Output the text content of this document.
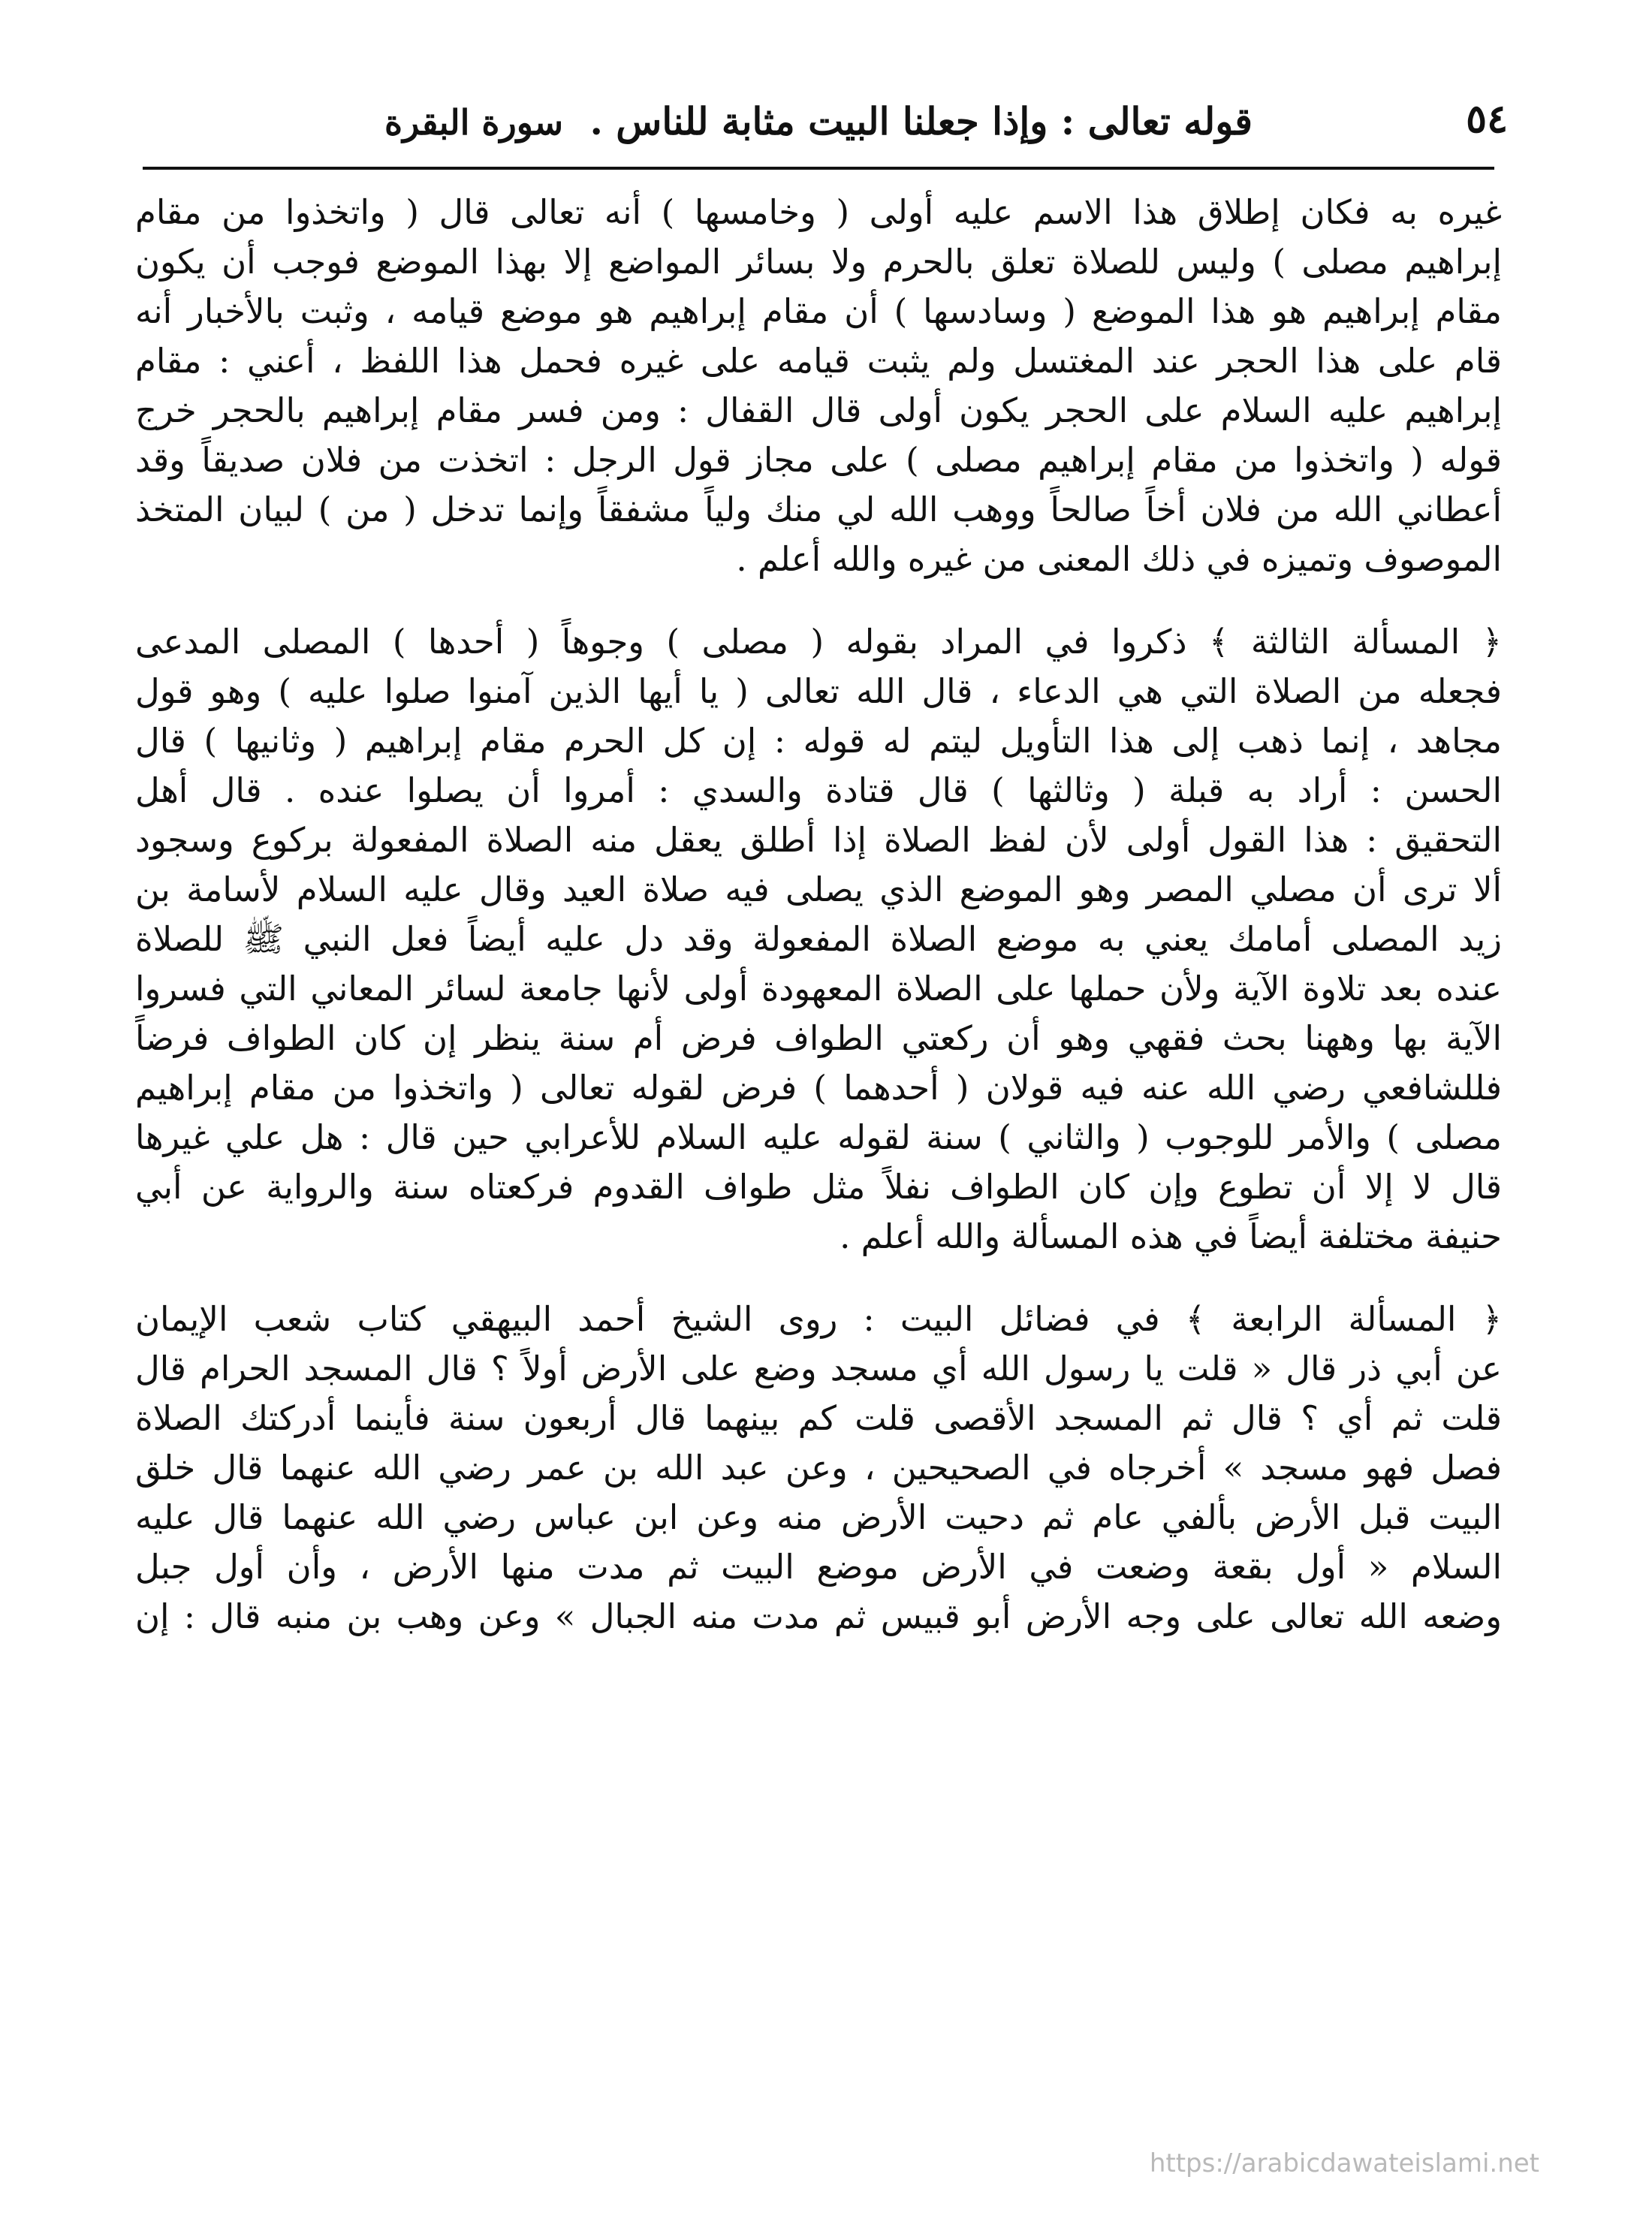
٥٤
قوله تعالى : وإذا جعلنا البيت مثابة للناس . سورة البقرة

غيره به فكان إطلاق هذا الاسم عليه أولى ( وخامسها ) أنه تعالى قال ( واتخذوا من مقام
إبراهيم مصلى ) وليس للصلاة تعلق بالحرم ولا بسائر المواضع إلا بهذا الموضع فوجب أن يكون
مقام إبراهيم هو هذا الموضع ( وسادسها ) أن مقام إبراهيم هو موضع قيامه ، وثبت بالأخبار أنه
قام على هذا الحجر عند المغتسل ولم يثبت قيامه على غيره فحمل هذا اللفظ ، أعني : مقام
إبراهيم عليه السلام على الحجر يكون أولى قال القفال : ومن فسر مقام إبراهيم بالحجر خرج
قوله ( واتخذوا من مقام إبراهيم مصلى ) على مجاز قول الرجل : اتخذت من فلان صديقاً وقد
أعطاني الله من فلان أخاً صالحاً ووهب الله لي منك ولياً مشفقاً وإنما تدخل ( من ) لبيان المتخذ
الموصوف وتميزه في ذلك المعنى من غيره والله أعلم .

﴿ المسألة الثالثة ﴾ ذكروا في المراد بقوله ( مصلى ) وجوهاً ( أحدها ) المصلى المدعى
فجعله من الصلاة التي هي الدعاء ، قال الله تعالى ( يا أيها الذين آمنوا صلوا عليه ) وهو قول
مجاهد ، إنما ذهب إلى هذا التأويل ليتم له قوله : إن كل الحرم مقام إبراهيم ( وثانيها ) قال
الحسن : أراد به قبلة ( وثالثها ) قال قتادة والسدي : أمروا أن يصلوا عنده . قال أهل
التحقيق : هذا القول أولى لأن لفظ الصلاة إذا أطلق يعقل منه الصلاة المفعولة بركوع وسجود
ألا ترى أن مصلي المصر وهو الموضع الذي يصلى فيه صلاة العيد وقال عليه السلام لأسامة بن
زيد المصلى أمامك يعني به موضع الصلاة المفعولة وقد دل عليه أيضاً فعل النبي ﷺ للصلاة
عنده بعد تلاوة الآية ولأن حملها على الصلاة المعهودة أولى لأنها جامعة لسائر المعاني التي فسروا
الآية بها وههنا بحث فقهي وهو أن ركعتي الطواف فرض أم سنة ينظر إن كان الطواف فرضاً
فللشافعي رضي الله عنه فيه قولان ( أحدهما ) فرض لقوله تعالى ( واتخذوا من مقام إبراهيم
مصلى ) والأمر للوجوب ( والثاني ) سنة لقوله عليه السلام للأعرابي حين قال : هل علي غيرها
قال لا إلا أن تطوع وإن كان الطواف نفلاً مثل طواف القدوم فركعتاه سنة والرواية عن أبي
حنيفة مختلفة أيضاً في هذه المسألة والله أعلم .

﴿ المسألة الرابعة ﴾ في فضائل البيت : روى الشيخ أحمد البيهقي كتاب شعب الإيمان
عن أبي ذر قال « قلت يا رسول الله أي مسجد وضع على الأرض أولاً ؟ قال المسجد الحرام قال
قلت ثم أي ؟ قال ثم المسجد الأقصى قلت كم بينهما قال أربعون سنة فأينما أدركتك الصلاة
فصل فهو مسجد » أخرجاه في الصحيحين ، وعن عبد الله بن عمر رضي الله عنهما قال خلق
البيت قبل الأرض بألفي عام ثم دحيت الأرض منه وعن ابن عباس رضي الله عنهما قال عليه
السلام « أول بقعة وضعت في الأرض موضع البيت ثم مدت منها الأرض ، وأن أول جبل
وضعه الله تعالى على وجه الأرض أبو قبيس ثم مدت منه الجبال » وعن وهب بن منبه قال : إن

https://arabicdawateislami.net
